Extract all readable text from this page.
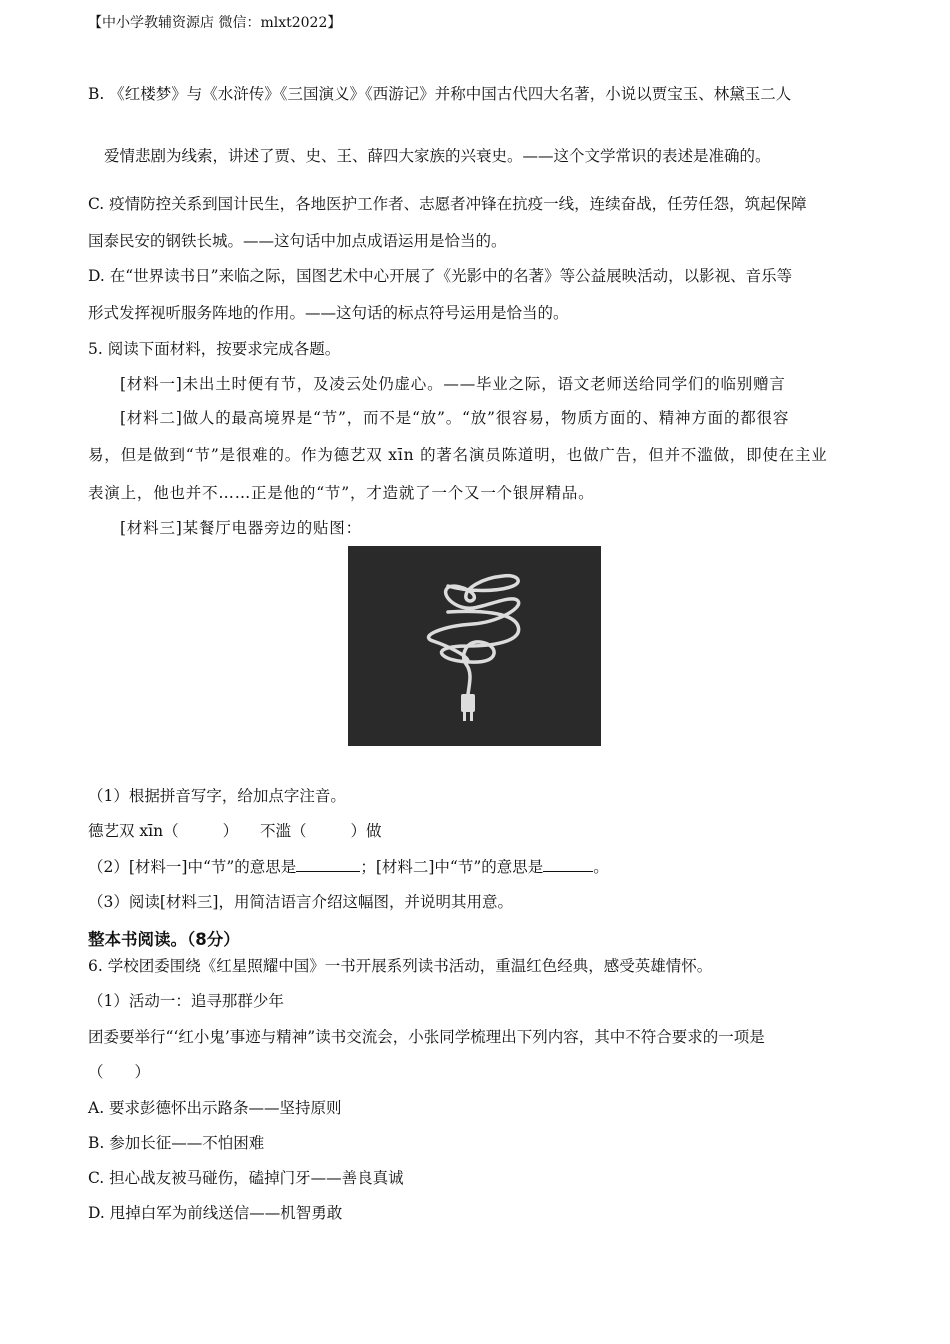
【中小学教辅资源店 微信：mlxt2022】
B. 《红楼梦》与《水浒传》《三国演义》《西游记》并称中国古代四大名著，小说以贾宝玉、林黛玉二人
爱情悲剧为线索，讲述了贾、史、王、薛四大家族的兴衰史。——这个文学常识的表述是准确的。
C. 疫情防控关系到国计民生，各地医护工作者、志愿者冲锋在抗疫一线，连续奋战，任劳任怨，筑起保障
国泰民安的钢铁长城。——这句话中加点成语运用是恰当的。
D. 在“世界读书日”来临之际，国图艺术中心开展了《光影中的名著》等公益展映活动，以影视、音乐等
形式发挥视听服务阵地的作用。——这句话的标点符号运用是恰当的。
5. 阅读下面材料，按要求完成各题。
[材料一]未出土时便有节，及凌云处仍虚心。——毕业之际，语文老师送给同学们的临别赠言
[材料二]做人的最高境界是“节”，而不是“放”。“放”很容易，物质方面的、精神方面的都很容
易，但是做到“节”是很难的。作为德艺双 xīn 的著名演员陈道明，也做广告，但并不滥做，即使在主业
表演上，他也并不……正是他的“节”，才造就了一个又一个银屏精品。
[材料三]某餐厅电器旁边的贴图：
（1）根据拼音写字，给加点字注音。
德艺双 xīn（	） 不滥（	）做
（2）[材料一]中“节”的意思是	；[材料二]中“节”的意思是	。
（3）阅读[材料三]，用简洁语言介绍这幅图，并说明其用意。
整本书阅读。（8分）
6. 学校团委围绕《红星照耀中国》一书开展系列读书活动，重温红色经典，感受英雄情怀。
（1）活动一：追寻那群少年
团委要举行“‘红小鬼’事迹与精神”读书交流会，小张同学梳理出下列内容，其中不符合要求的一项是
（　　）
A. 要求彭德怀出示路条——坚持原则
B. 参加长征——不怕困难
C. 担心战友被马碰伤，磕掉门牙——善良真诚
D. 甩掉白军为前线送信——机智勇敢
